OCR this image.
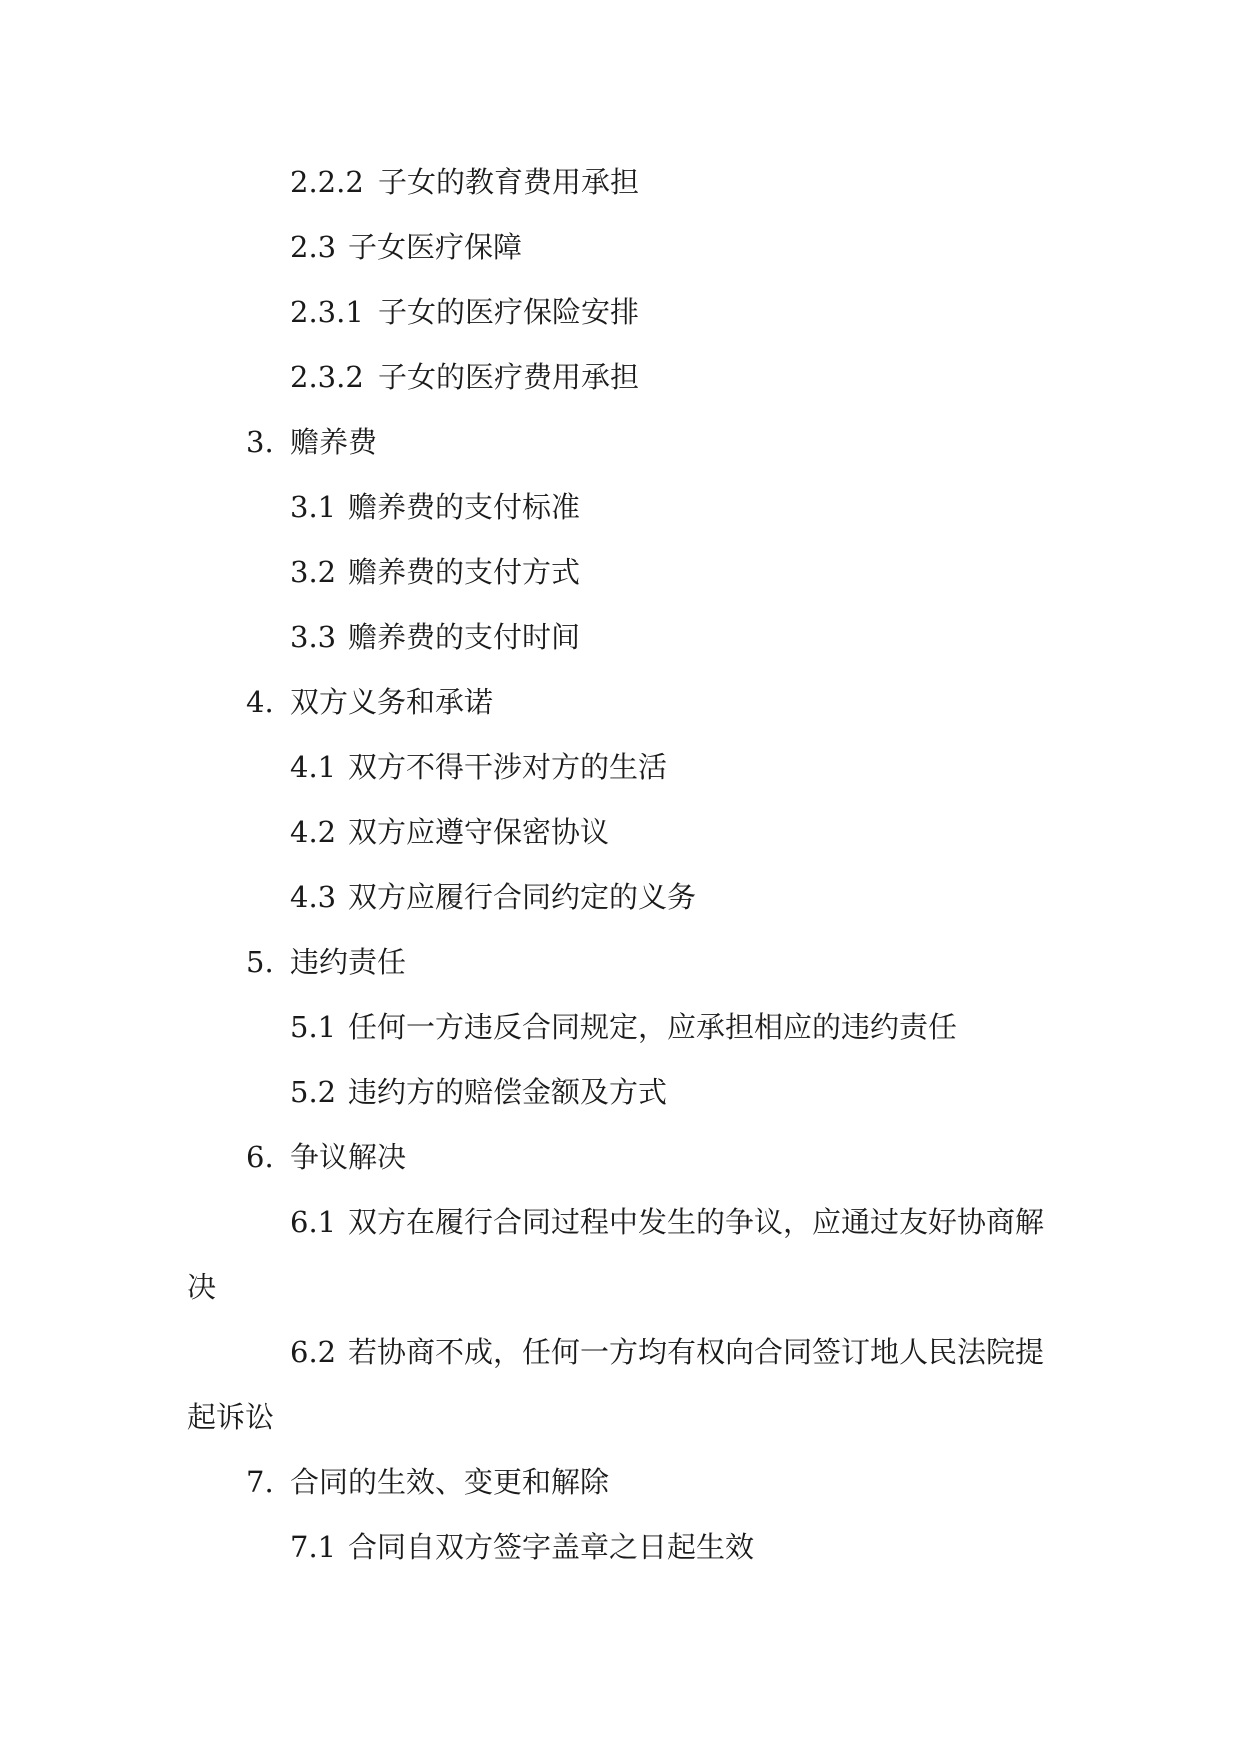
2.2.2 子女的教育费用承担

2.3 子女医疗保障

2.3.1 子女的医疗保险安排

2.3.2 子女的医疗费用承担

3. 赡养费

3.1 赡养费的支付标准

3.2 赡养费的支付方式

3.3 赡养费的支付时间

4. 双方义务和承诺

4.1 双方不得干涉对方的生活

4.2 双方应遵守保密协议

4.3 双方应履行合同约定的义务

5. 违约责任

5.1 任何一方违反合同规定，应承担相应的违约责任

5.2 违约方的赔偿金额及方式

6. 争议解决

6.1 双方在履行合同过程中发生的争议，应通过友好协商解决

6.2 若协商不成，任何一方均有权向合同签订地人民法院提起诉讼

7. 合同的生效、变更和解除

7.1 合同自双方签字盖章之日起生效
